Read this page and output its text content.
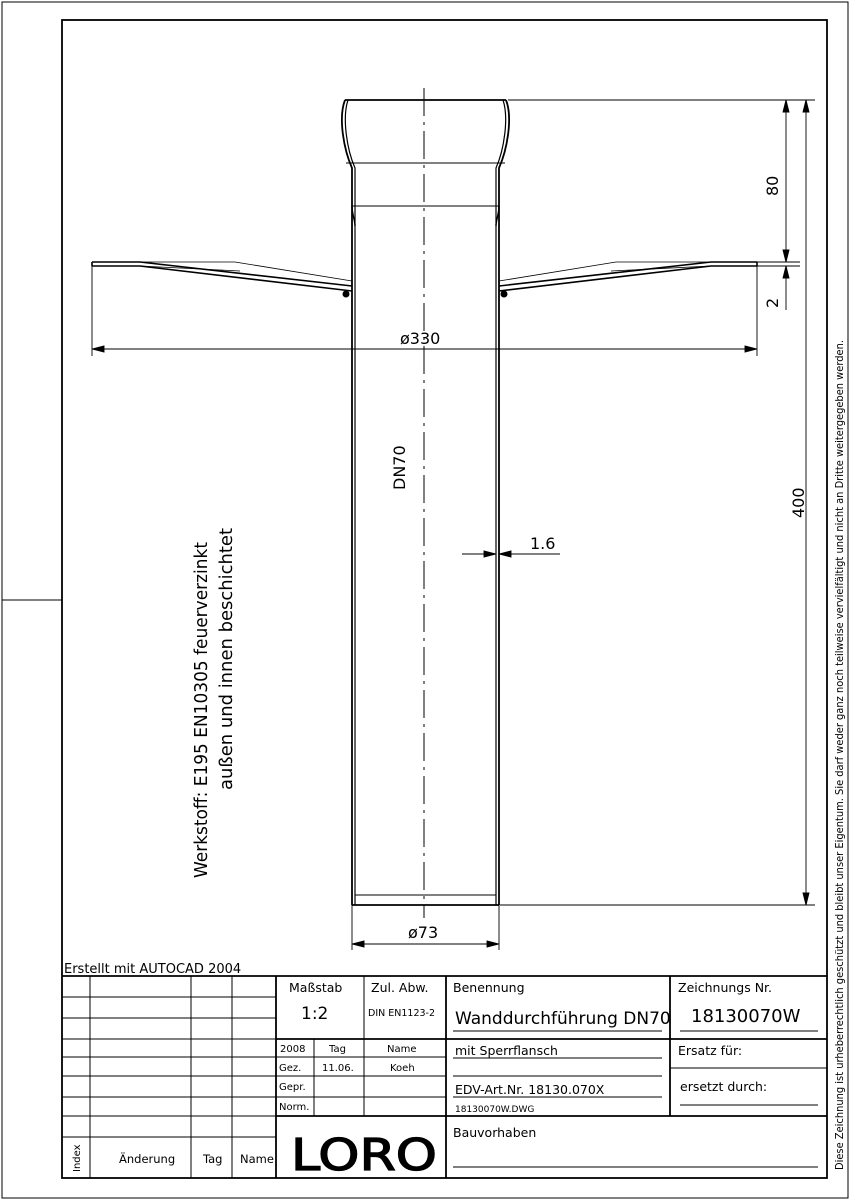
Diese Zeichnung ist urheberrechtlich geschützt und bleibt unser Eigentum. Sie darf weder ganz noch teilweise vervielfältigt und nicht an Dritte weitergegeben werden.
80
2
400
ø330
ø73
1.6
DN70
Werkstoff: E195 EN10305 feuerverzinkt außen und innen beschichtet
Erstellt mit AUTOCAD 2004
Index	Änderung Tag Name
Maßstab
1:2
Zul. Abw.
DIN EN1123-2
2008 Tag	Name
Gez. 11.06.	Koeh
Gepr.
Norm.
LORO
Benennung
Wanddurchführung DN70
mit Sperrflansch
EDV-Art.Nr. 18130.070X
18130070W.DWG
Bauvorhaben
Zeichnungs Nr.
18130070W
Ersatz für:
ersetzt durch:
